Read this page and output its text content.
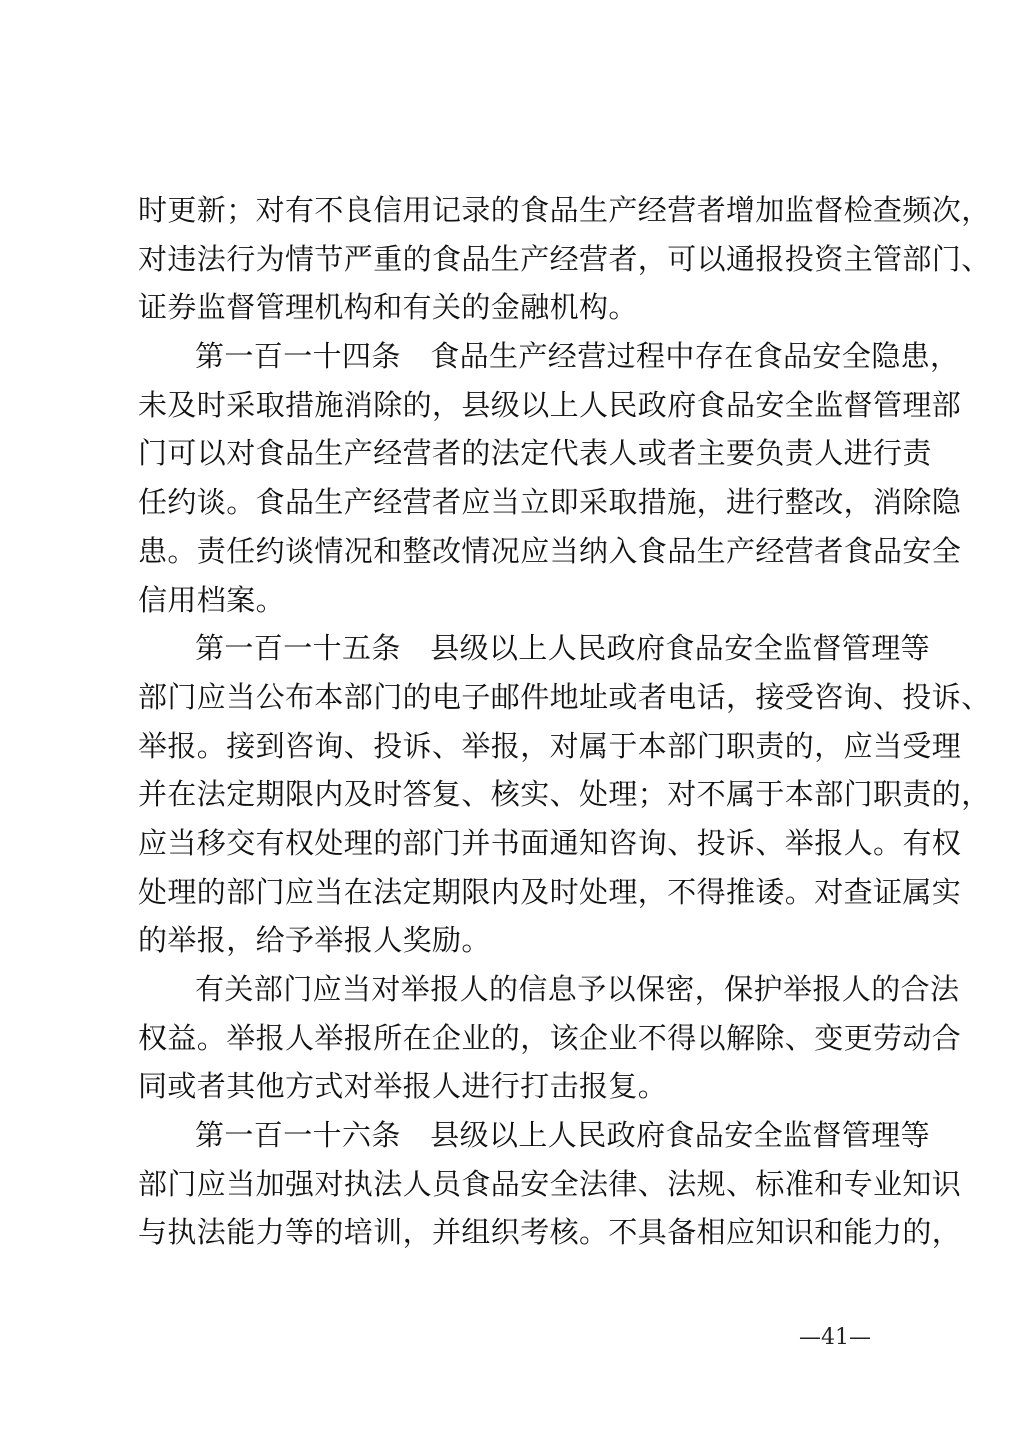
时更新；对有不良信用记录的食品生产经营者增加监督检查频次，
对违法行为情节严重的食品生产经营者，可以通报投资主管部门、
证券监督管理机构和有关的金融机构。
第一百一十四条　食品生产经营过程中存在食品安全隐患，
未及时采取措施消除的，县级以上人民政府食品安全监督管理部
门可以对食品生产经营者的法定代表人或者主要负责人进行责
任约谈。食品生产经营者应当立即采取措施，进行整改，消除隐
患。责任约谈情况和整改情况应当纳入食品生产经营者食品安全
信用档案。
第一百一十五条　县级以上人民政府食品安全监督管理等
部门应当公布本部门的电子邮件地址或者电话，接受咨询、投诉、
举报。接到咨询、投诉、举报，对属于本部门职责的，应当受理
并在法定期限内及时答复、核实、处理；对不属于本部门职责的，
应当移交有权处理的部门并书面通知咨询、投诉、举报人。有权
处理的部门应当在法定期限内及时处理，不得推诿。对查证属实
的举报，给予举报人奖励。
有关部门应当对举报人的信息予以保密，保护举报人的合法
权益。举报人举报所在企业的，该企业不得以解除、变更劳动合
同或者其他方式对举报人进行打击报复。
第一百一十六条　县级以上人民政府食品安全监督管理等
部门应当加强对执法人员食品安全法律、法规、标准和专业知识
与执法能力等的培训，并组织考核。不具备相应知识和能力的，
—41—
